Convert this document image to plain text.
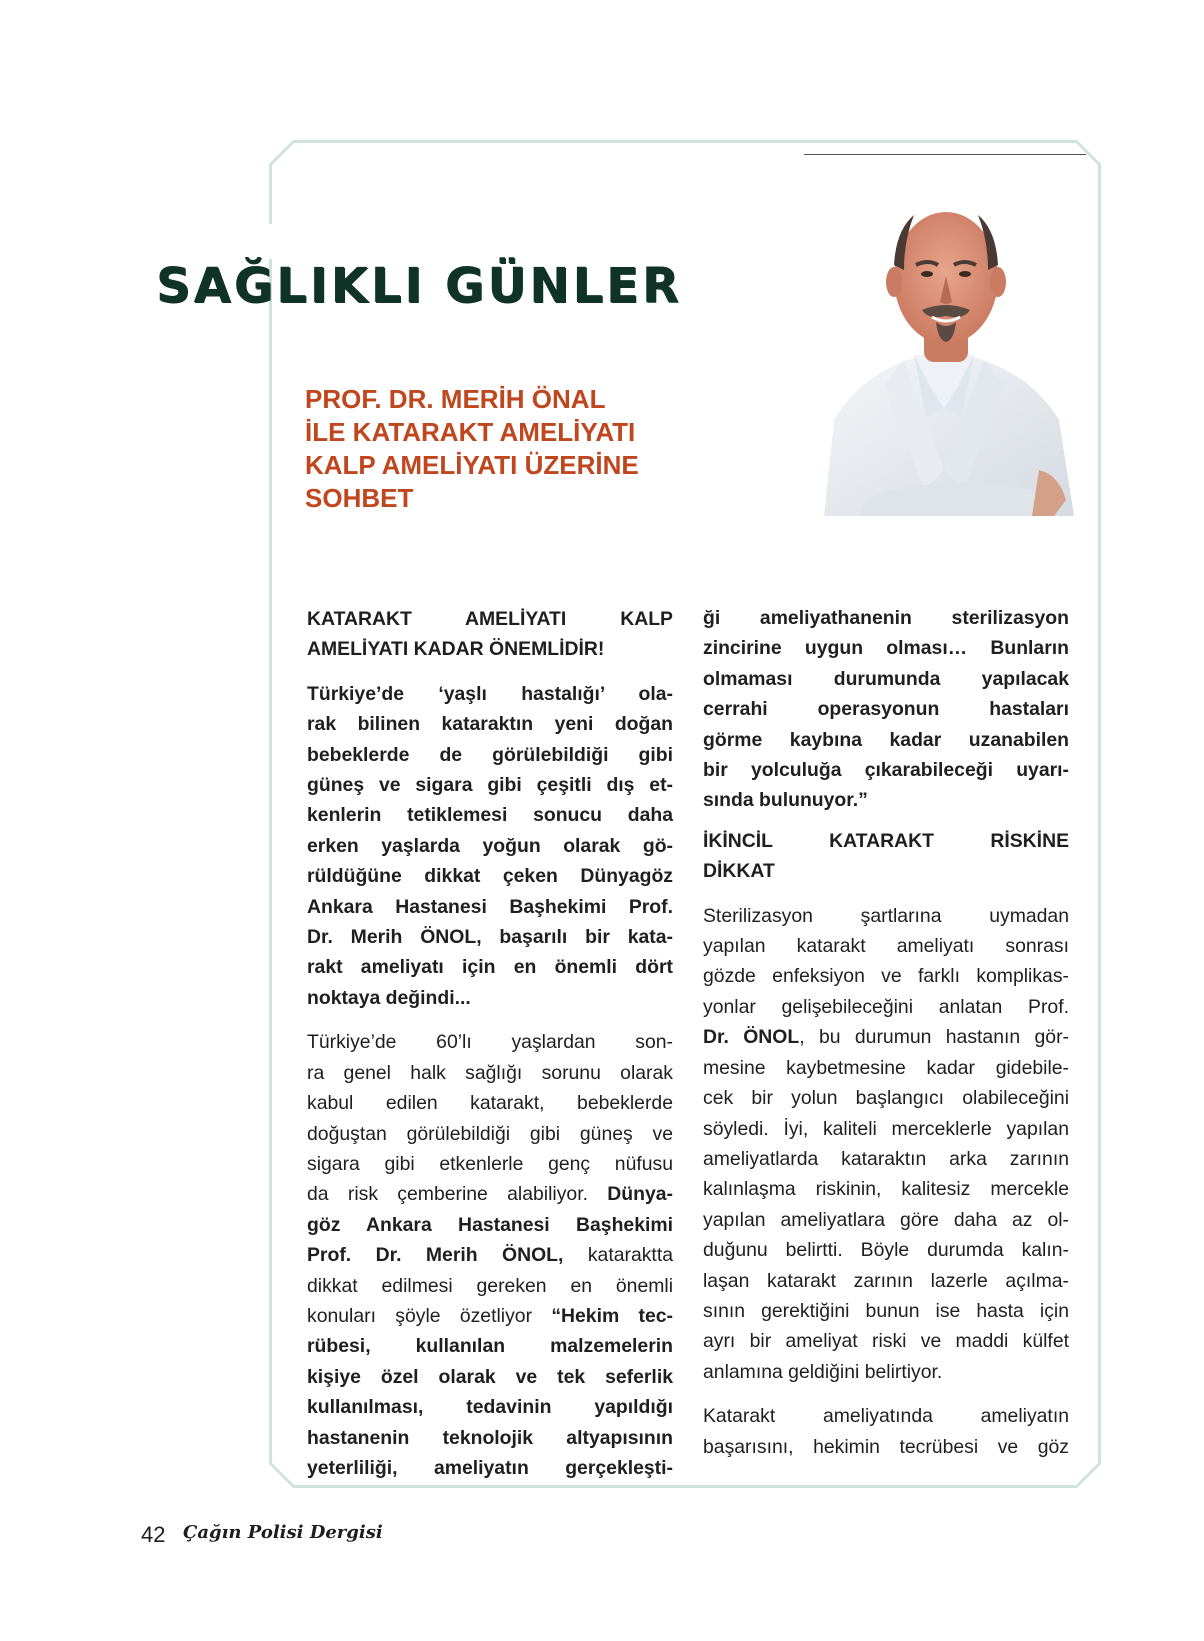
SAĞLIKLI GÜNLER
PROF. DR. MERİH ÖNAL
İLE KATARAKT AMELİYATI
KALP AMELİYATI ÜZERİNE
SOHBET

KATARAKT AMELİYATI KALP
AMELİYATI KADAR ÖNEMLİDİR!

Türkiye’de ‘yaşlı hastalığı’ ola-
rak bilinen kataraktın yeni doğan
bebeklerde de görülebildiği gibi
güneş ve sigara gibi çeşitli dış et-
kenlerin tetiklemesi sonucu daha
erken yaşlarda yoğun olarak gö-
rüldüğüne dikkat çeken Dünyagöz
Ankara Hastanesi Başhekimi Prof.
Dr. Merih ÖNOL, başarılı bir kata-
rakt ameliyatı için en önemli dört
noktaya değindi...

Türkiye’de 60’lı yaşlardan son-
ra genel halk sağlığı sorunu olarak
kabul edilen katarakt, bebeklerde
doğuştan görülebildiği gibi güneş ve
sigara gibi etkenlerle genç nüfusu
da risk çemberine alabiliyor. Dünya-
göz Ankara Hastanesi Başhekimi
Prof. Dr. Merih ÖNOL, kataraktta
dikkat edilmesi gereken en önemli
konuları şöyle özetliyor “Hekim tec-
rübesi, kullanılan malzemelerin
kişiye özel olarak ve tek seferlik
kullanılması, tedavinin yapıldığı
hastanenin teknolojik altyapısının
yeterliliği, ameliyatın gerçekleşti-

ği ameliyathanenin sterilizasyon
zincirine uygun olması… Bunların
olmaması durumunda yapılacak
cerrahi operasyonun hastaları
görme kaybına kadar uzanabilen
bir yolculuğa çıkarabileceği uyarı-
sında bulunuyor.”

İKİNCİL KATARAKT RİSKİNE
DİKKAT

Sterilizasyon şartlarına uymadan
yapılan katarakt ameliyatı sonrası
gözde enfeksiyon ve farklı komplikas-
yonlar gelişebileceğini anlatan Prof.
Dr. ÖNOL, bu durumun hastanın gör-
mesine kaybetmesine kadar gidebile-
cek bir yolun başlangıcı olabileceğini
söyledi. İyi, kaliteli merceklerle yapılan
ameliyatlarda kataraktın arka zarının
kalınlaşma riskinin, kalitesiz mercekle
yapılan ameliyatlara göre daha az ol-
duğunu belirtti. Böyle durumda kalın-
laşan katarakt zarının lazerle açılma-
sının gerektiğini bunun ise hasta için
ayrı bir ameliyat riski ve maddi külfet
anlamına geldiğini belirtiyor.

Katarakt ameliyatında ameliyatın
başarısını, hekimin tecrübesi ve göz

42 Çağın Polisi Dergisi
